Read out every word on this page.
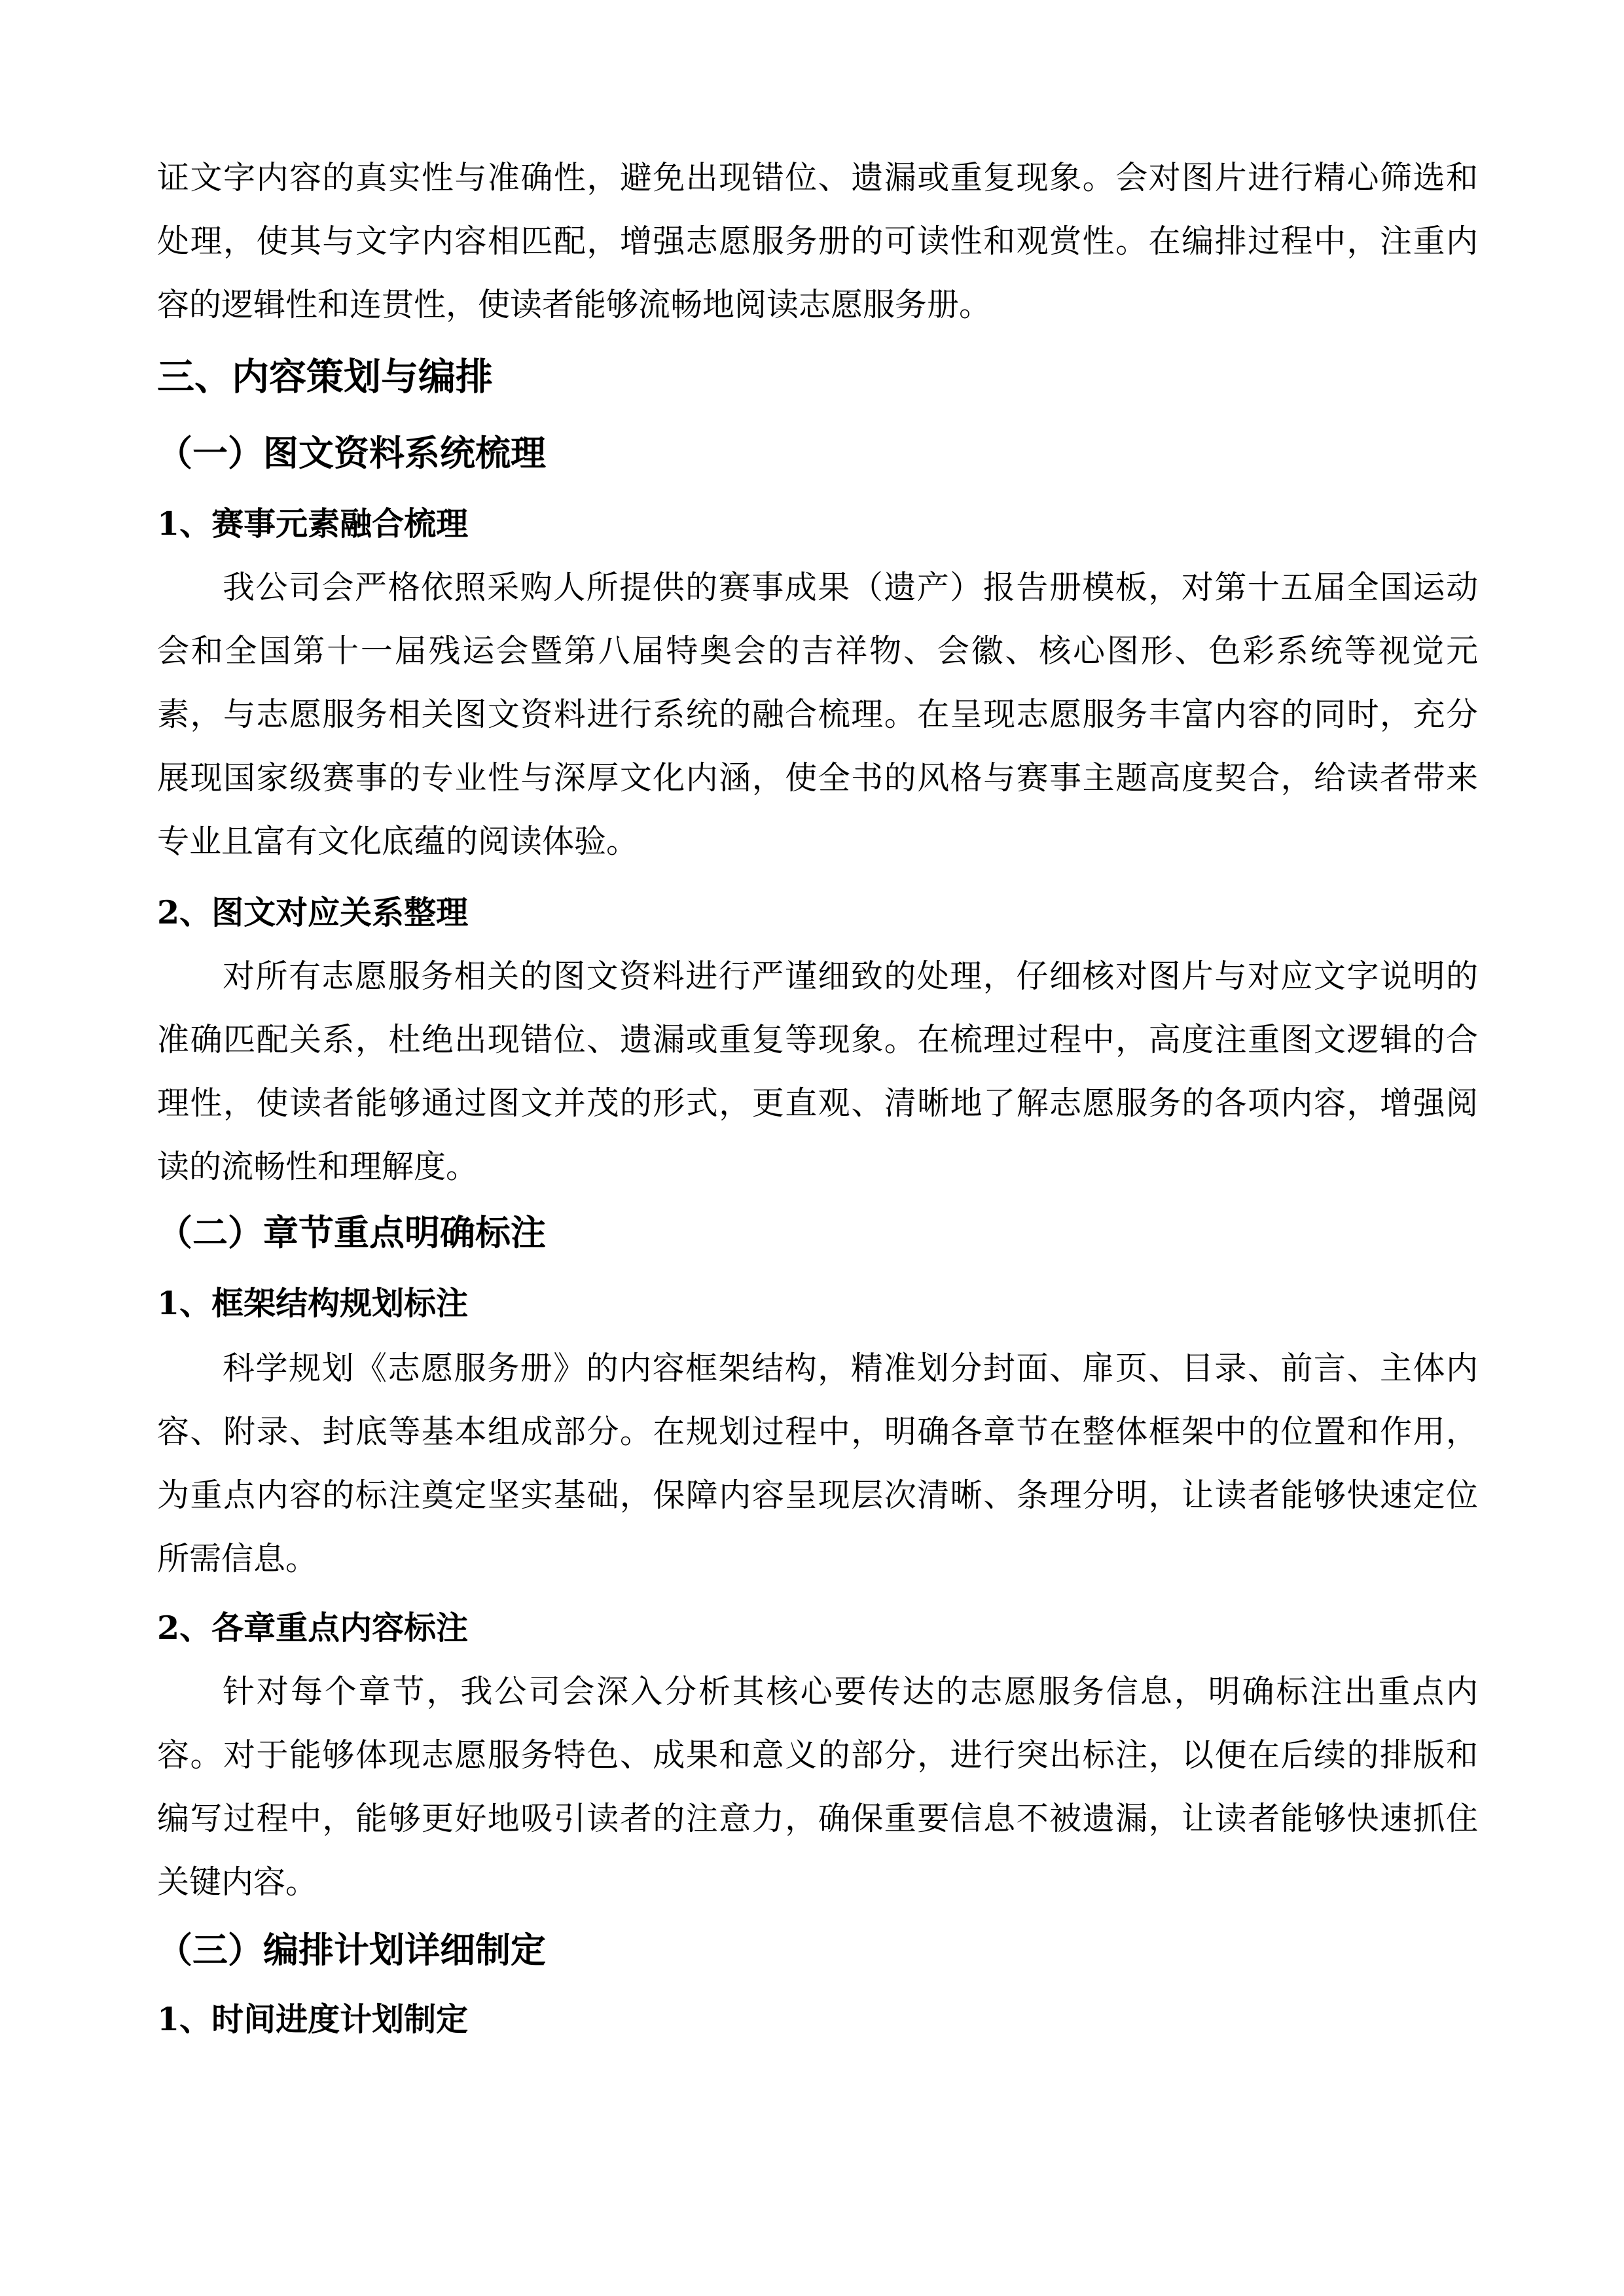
证文字内容的真实性与准确性，避免出现错位、遗漏或重复现象。会对图片进行精心筛选和
处理，使其与文字内容相匹配，增强志愿服务册的可读性和观赏性。在编排过程中，注重内
容的逻辑性和连贯性，使读者能够流畅地阅读志愿服务册。
三、内容策划与编排
（一）图文资料系统梳理
1、赛事元素融合梳理
我公司会严格依照采购人所提供的赛事成果（遗产）报告册模板，对第十五届全国运动
会和全国第十一届残运会暨第八届特奥会的吉祥物、会徽、核心图形、色彩系统等视觉元
素，与志愿服务相关图文资料进行系统的融合梳理。在呈现志愿服务丰富内容的同时，充分
展现国家级赛事的专业性与深厚文化内涵，使全书的风格与赛事主题高度契合，给读者带来
专业且富有文化底蕴的阅读体验。
2、图文对应关系整理
对所有志愿服务相关的图文资料进行严谨细致的处理，仔细核对图片与对应文字说明的
准确匹配关系，杜绝出现错位、遗漏或重复等现象。在梳理过程中，高度注重图文逻辑的合
理性，使读者能够通过图文并茂的形式，更直观、清晰地了解志愿服务的各项内容，增强阅
读的流畅性和理解度。
（二）章节重点明确标注
1、框架结构规划标注
科学规划《志愿服务册》的内容框架结构，精准划分封面、扉页、目录、前言、主体内
容、附录、封底等基本组成部分。在规划过程中，明确各章节在整体框架中的位置和作用，
为重点内容的标注奠定坚实基础，保障内容呈现层次清晰、条理分明，让读者能够快速定位
所需信息。
2、各章重点内容标注
针对每个章节，我公司会深入分析其核心要传达的志愿服务信息，明确标注出重点内
容。对于能够体现志愿服务特色、成果和意义的部分，进行突出标注，以便在后续的排版和
编写过程中，能够更好地吸引读者的注意力，确保重要信息不被遗漏，让读者能够快速抓住
关键内容。
（三）编排计划详细制定
1、时间进度计划制定
